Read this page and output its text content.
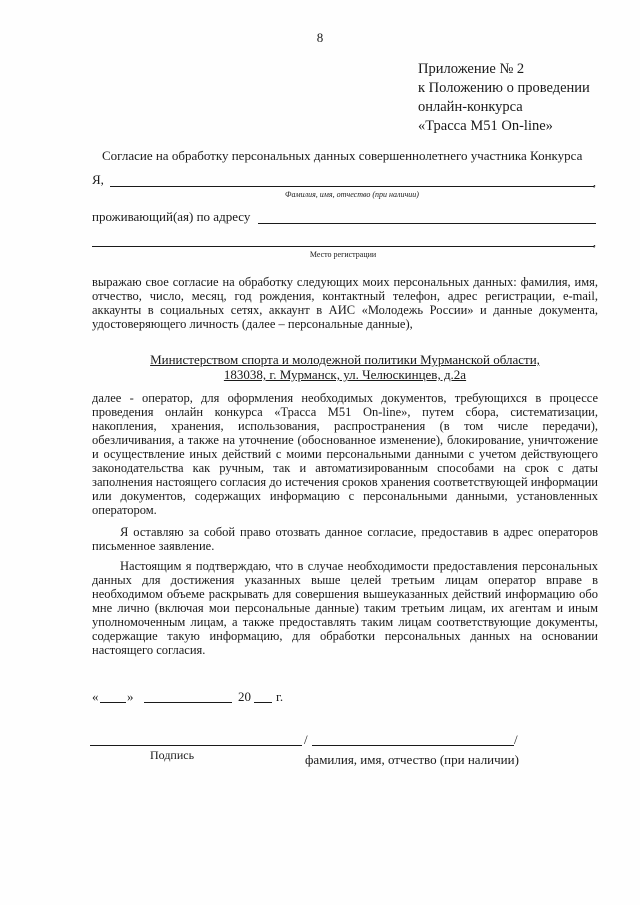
8
Приложение № 2
к Положению о проведении
онлайн-конкурса
«Трасса М51 On-line»
Согласие на обработку персональных данных совершеннолетнего участника Конкурса
Я,	,
Фамилия, имя, отчество (при наличии)
проживающий(ая) по адресу
,
Место регистрации
выражаю свое согласие на обработку следующих моих персональных данных: фамилия, имя, отчество, число, месяц, год рождения, контактный телефон, адрес регистрации, e-mail, аккаунты в социальных сетях, аккаунт в АИС «Молодежь России» и данные документа, удостоверяющего личность (далее – персональные данные),
Министерством спорта и молодежной политики Мурманской области,
183038, г. Мурманск, ул. Челюскинцев, д.2а
далее - оператор, для оформления необходимых документов, требующихся в процессе проведения онлайн конкурса «Трасса М51 On-line», путем сбора, систематизации, накопления, хранения, использования, распространения (в том числе передачи), обезличивания, а также на уточнение (обоснованное изменение), блокирование, уничтожение и осуществление иных действий с моими персональными данными с учетом действующего законодательства как ручным, так и автоматизированным способами на срок с даты заполнения настоящего согласия до истечения сроков хранения соответствующей информации или документов, содержащих информацию с персональными данными, установленных оператором.
Я оставляю за собой право отозвать данное согласие, предоставив в адрес операторов письменное заявление.
Настоящим я подтверждаю, что в случае необходимости предоставления персональных данных для достижения указанных выше целей третьим лицам оператор вправе в необходимом объеме раскрывать для совершения вышеуказанных действий информацию обо мне лично (включая мои персональные данные) таким третьим лицам, их агентам и иным уполномоченным лицам, а также предоставлять таким лицам соответствующие документы, содержащие такую информацию, для обработки персональных данных на основании настоящего согласия.
« »	20 г.
/	/
Подпись	фамилия, имя, отчество (при наличии)
